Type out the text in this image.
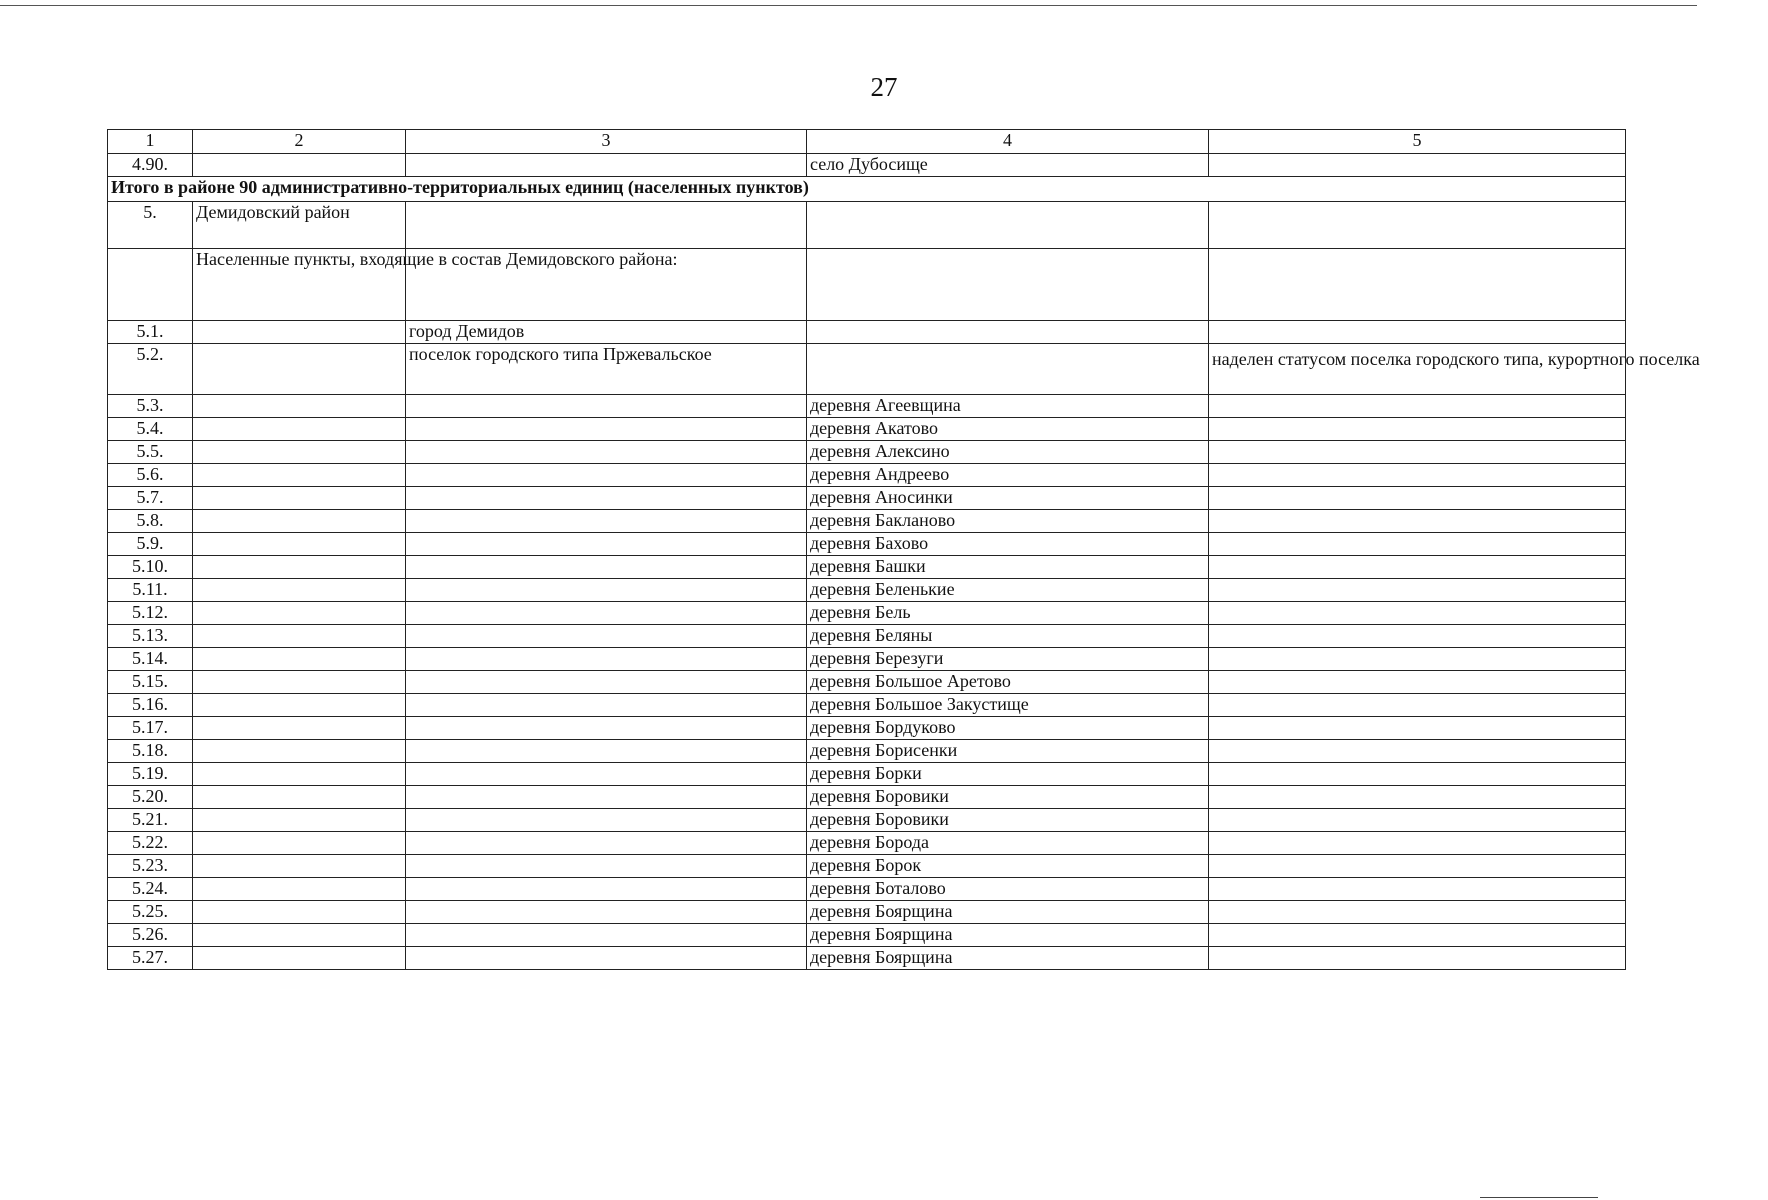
27
1	2	3	4	5
4.90.			село Дубосище	
Итого в районе 90 административно-территориальных единиц (населенных пунктов)				
5.	Демидовский район			
	Населенные пункты, входящие в состав Демидовского района:			
5.1.		город Демидов		
5.2.		поселок городского типа Пржевальское		наделен статусом поселка городского типа, курортного поселка
5.3.			деревня Агеевщина	
5.4.			деревня Акатово	
5.5.			деревня Алексино	
5.6.			деревня Андреево	
5.7.			деревня Аносинки	
5.8.			деревня Бакланово	
5.9.			деревня Бахово	
5.10.			деревня Башки	
5.11.			деревня Беленькие	
5.12.			деревня Бель	
5.13.			деревня Беляны	
5.14.			деревня Березуги	
5.15.			деревня Большое Аретово	
5.16.			деревня Большое Закустище	
5.17.			деревня Бордуково	
5.18.			деревня Борисенки	
5.19.			деревня Борки	
5.20.			деревня Боровики	
5.21.			деревня Боровики	
5.22.			деревня Борода	
5.23.			деревня Борок	
5.24.			деревня Боталово	
5.25.			деревня Боярщина	
5.26.			деревня Боярщина	
5.27.			деревня Боярщина	
